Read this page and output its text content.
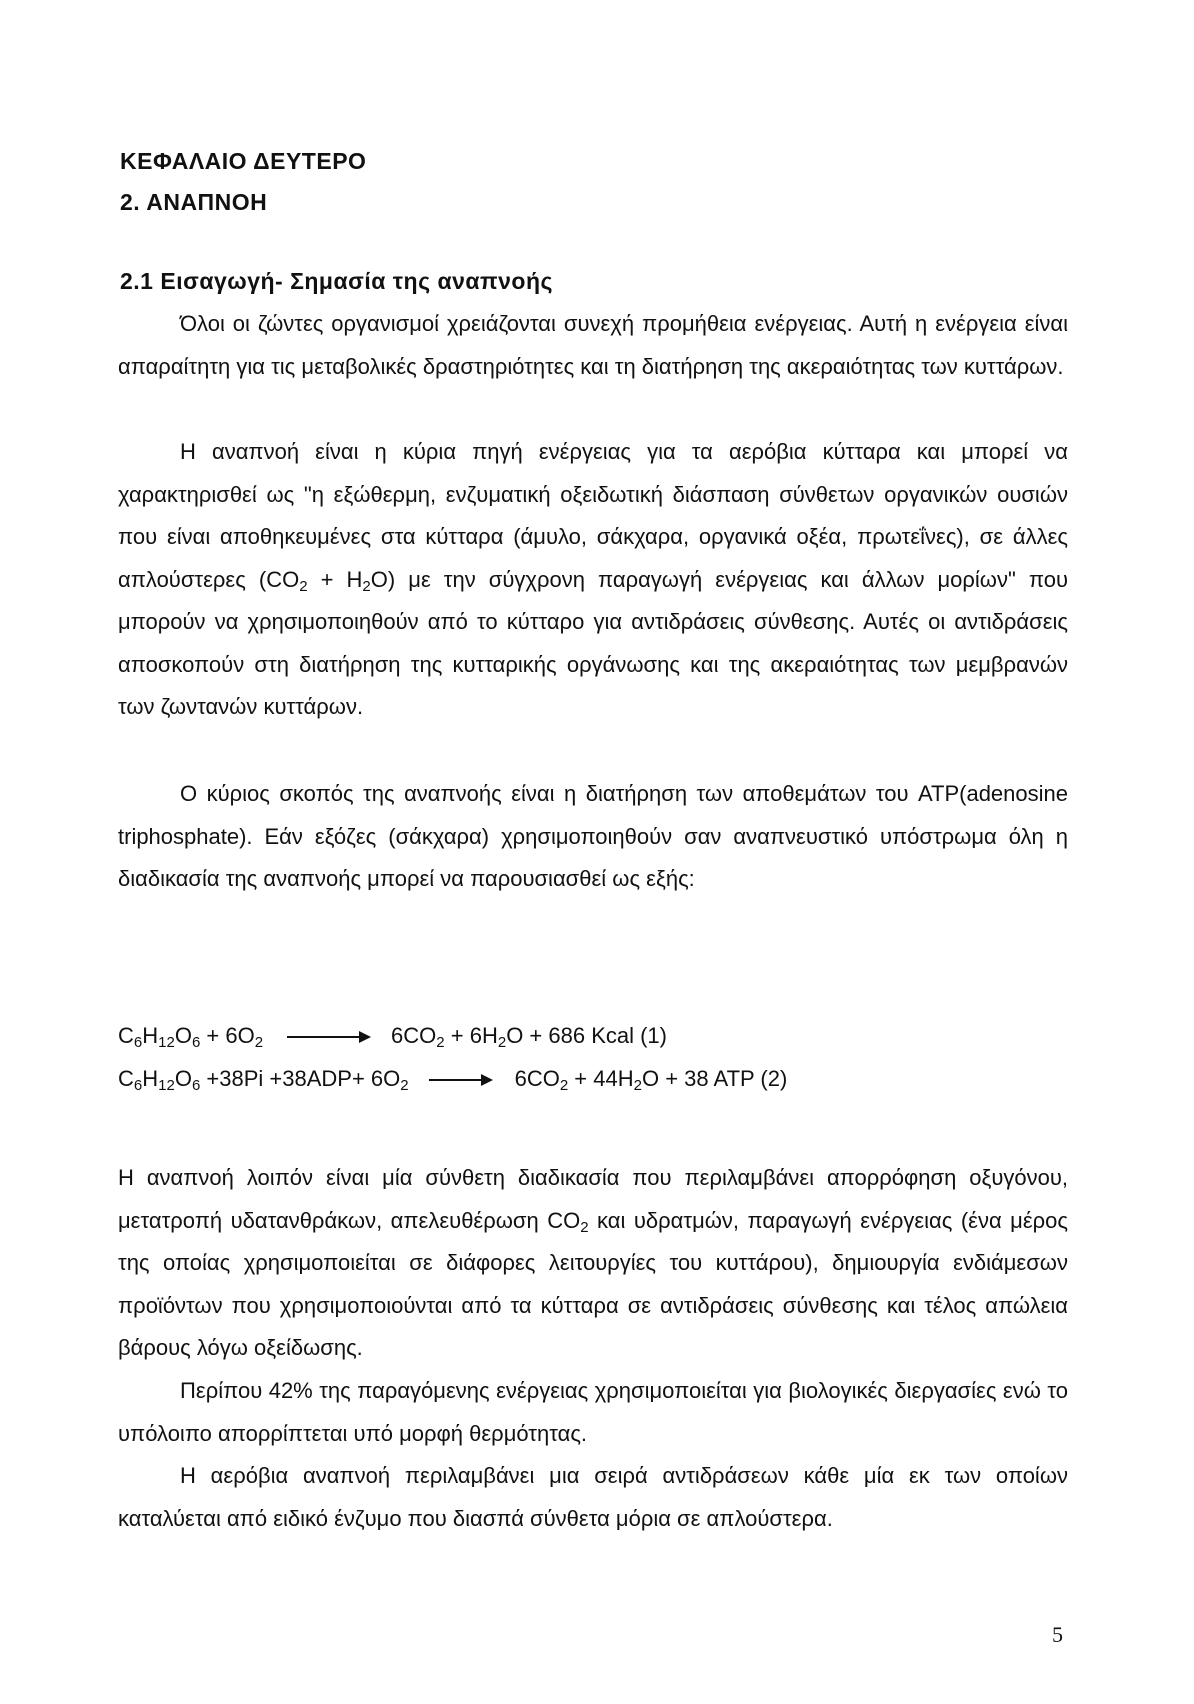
ΚΕΦΑΛΑΙΟ ΔΕΥΤΕΡΟ

2. ΑΝΑΠΝΟΗ

2.1 Εισαγωγή- Σημασία της αναπνοής

Όλοι οι ζώντες οργανισμοί χρειάζονται συνεχή προμήθεια ενέργειας. Αυτή η ενέργεια είναι απαραίτητη για τις μεταβολικές δραστηριότητες και τη διατήρηση της ακεραιότητας των κυττάρων.

Η αναπνοή είναι η κύρια πηγή ενέργειας για τα αερόβια κύτταρα και μπορεί να χαρακτηρισθεί ως "η εξώθερμη, ενζυματική οξειδωτική διάσπαση σύνθετων οργανικών ουσιών που είναι αποθηκευμένες στα κύτταρα (άμυλο, σάκχαρα, οργανικά οξέα, πρωτεΐνες), σε άλλες απλούστερες $(CO_2 + H_2O)$ με την σύγχρονη παραγωγή ενέργειας και άλλων μορίων" που μπορούν να χρησιμοποιηθούν από το κύτταρο για αντιδράσεις σύνθεσης. Αυτές οι αντιδράσεις αποσκοπούν στη διατήρηση της κυτταρικής οργάνωσης και της ακεραιότητας των μεμβρανών των ζωντανών κυττάρων.

Ο κύριος σκοπός της αναπνοής είναι η διατήρηση των αποθεμάτων του ATP(adenosine triphosphate). Εάν εξόζες (σάκχαρα) χρησιμοποιηθούν σαν αναπνευστικό υπόστρωμα όλη η διαδικασία της αναπνοής μπορεί να παρουσιασθεί ως εξής:

$C_6H_{12}O_6 + 6O_2 \to 6CO_2 + 6H_2O + 686$ Kcal (1)

$C_6H_{12}O_6 +38Pi +38ADP+ 6O_2 \to 6CO_2 + 44H_2O + 38$ ATP (2)

Η αναπνοή λοιπόν είναι μία σύνθετη διαδικασία που περιλαμβάνει απορρόφηση οξυγόνου, μετατροπή υδατανθράκων, απελευθέρωση $CO_2$ και υδρατμών, παραγωγή ενέργειας (ένα μέρος της οποίας χρησιμοποιείται σε διάφορες λειτουργίες του κυττάρου), δημιουργία ενδιάμεσων προϊόντων που χρησιμοποιούνται από τα κύτταρα σε αντιδράσεις σύνθεσης και τέλος απώλεια βάρους λόγω οξείδωσης.

Περίπου 42% της παραγόμενης ενέργειας χρησιμοποιείται για βιολογικές διεργασίες ενώ το υπόλοιπο απορρίπτεται υπό μορφή θερμότητας.

Η αερόβια αναπνοή περιλαμβάνει μια σειρά αντιδράσεων κάθε μία εκ των οποίων καταλύεται από ειδικό ένζυμο που διασπά σύνθετα μόρια σε απλούστερα.

5
